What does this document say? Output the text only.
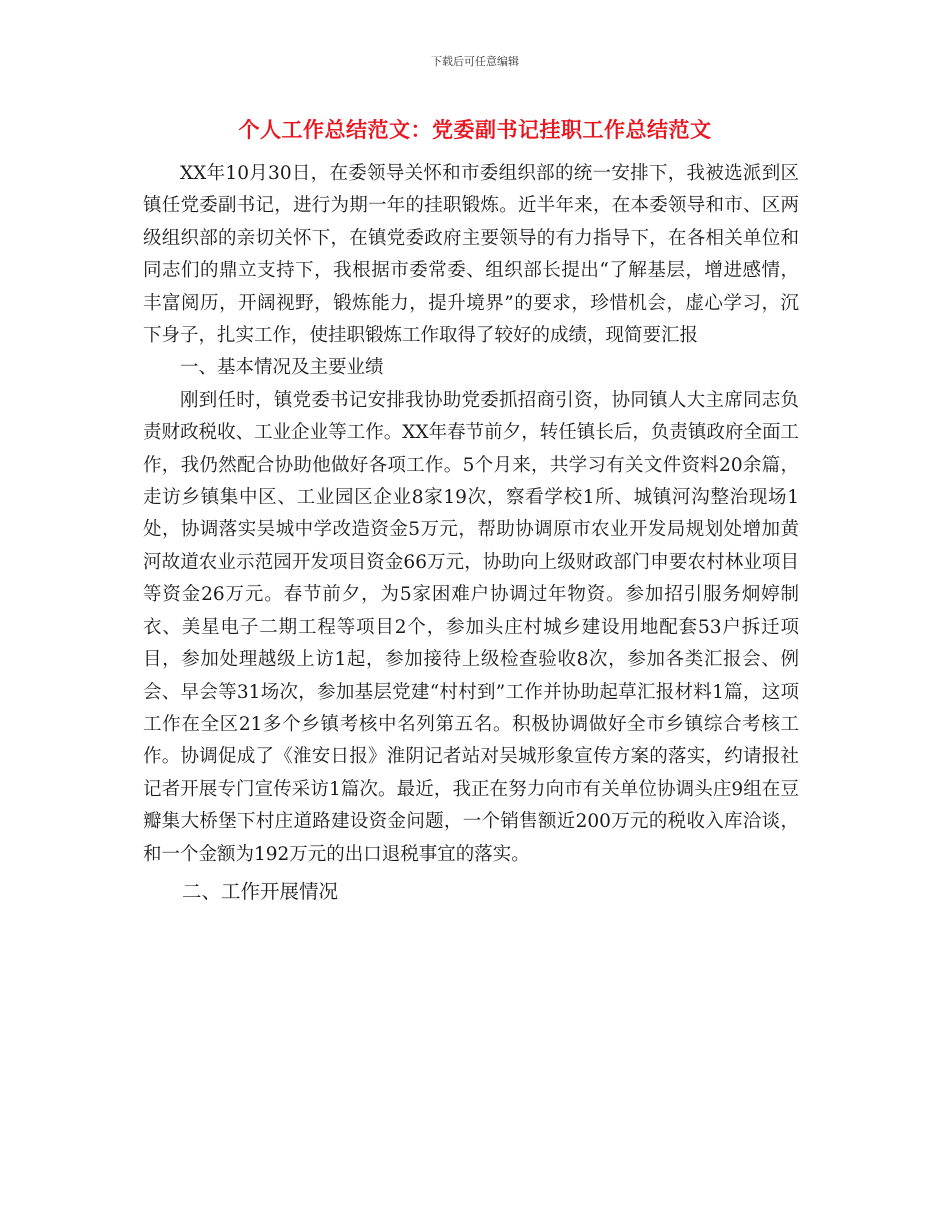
下载后可任意编辑
个人工作总结范文：党委副书记挂职工作总结范文

XX年10月30日，在委领导关怀和市委组织部的统一安排下，我被选派到区镇任党委副书记，进行为期一年的挂职锻炼。近半年来，在本委领导和市、区两级组织部的亲切关怀下，在镇党委政府主要领导的有力指导下，在各相关单位和同志们的鼎立支持下，我根据市委常委、组织部长提出“了解基层，增进感情，丰富阅历，开阔视野，锻炼能力，提升境界”的要求，珍惜机会，虚心学习，沉下身子，扎实工作，使挂职锻炼工作取得了较好的成绩，现简要汇报

一、基本情况及主要业绩

刚到任时，镇党委书记安排我协助党委抓招商引资，协同镇人大主席同志负责财政税收、工业企业等工作。XX年春节前夕，转任镇长后，负责镇政府全面工作，我仍然配合协助他做好各项工作。5个月来，共学习有关文件资料20余篇，走访乡镇集中区、工业园区企业8家19次，察看学校1所、城镇河沟整治现场1处，协调落实吴城中学改造资金5万元，帮助协调原市农业开发局规划处增加黄河故道农业示范园开发项目资金66万元，协助向上级财政部门申要农村林业项目等资金26万元。春节前夕，为5家困难户协调过年物资。参加招引服务炯婷制衣、美星电子二期工程等项目2个，参加头庄村城乡建设用地配套53户拆迁项目，参加处理越级上访1起，参加接待上级检查验收8次，参加各类汇报会、例会、早会等31场次，参加基层党建“村村到”工作并协助起草汇报材料1篇，这项工作在全区21多个乡镇考核中名列第五名。积极协调做好全市乡镇综合考核工作。协调促成了《淮安日报》淮阴记者站对吴城形象宣传方案的落实，约请报社记者开展专门宣传采访1篇次。最近，我正在努力向市有关单位协调头庄9组在豆瓣集大桥堡下村庄道路建设资金问题，一个销售额近200万元的税收入库洽谈，和一个金额为192万元的出口退税事宜的落实。

二、工作开展情况
